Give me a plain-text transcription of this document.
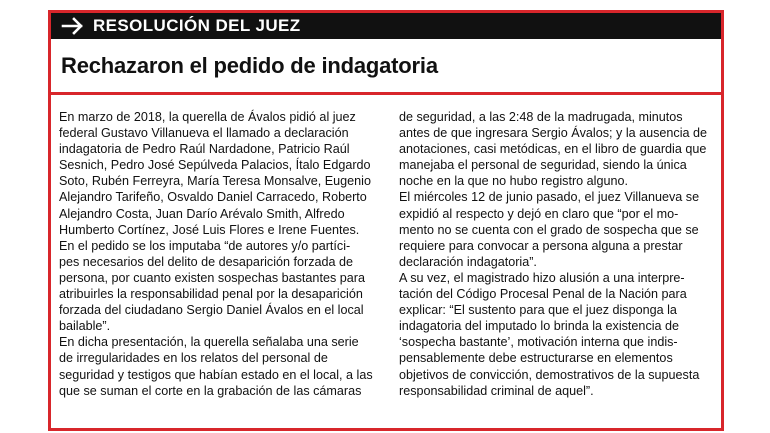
RESOLUCIÓN DEL JUEZ
Rechazaron el pedido de indagatoria

En marzo de 2018, la querella de Ávalos pidió al juez

federal Gustavo Villanueva el llamado a declaración

indagatoria de Pedro Raúl Nardadone, Patricio Raúl

Sesnich, Pedro José Sepúlveda Palacios, Ítalo Edgardo

Soto, Rubén Ferreyra, María Teresa Monsalve, Eugenio

Alejandro Tarifeño, Osvaldo Daniel Carracedo, Roberto

Alejandro Costa, Juan Darío Arévalo Smith, Alfredo

Humberto Cortínez, José Luis Flores e Irene Fuentes.

En el pedido se los imputaba “de autores y/o partíci-

pes necesarios del delito de desaparición forzada de

persona, por cuanto existen sospechas bastantes para

atribuirles la responsabilidad penal por la desaparición

forzada del ciudadano Sergio Daniel Ávalos en el local

bailable”.

En dicha presentación, la querella señalaba una serie

de irregularidades en los relatos del personal de

seguridad y testigos que habían estado en el local, a las

que se suman el corte en la grabación de las cámaras

de seguridad, a las 2:48 de la madrugada, minutos

antes de que ingresara Sergio Ávalos; y la ausencia de

anotaciones, casi metódicas, en el libro de guardia que

manejaba el personal de seguridad, siendo la única

noche en la que no hubo registro alguno.

El miércoles 12 de junio pasado, el juez Villanueva se

expidió al respecto y dejó en claro que “por el mo-

mento no se cuenta con el grado de sospecha que se

requiere para convocar a persona alguna a prestar

declaración indagatoria”.

A su vez, el magistrado hizo alusión a una interpre-

tación del Código Procesal Penal de la Nación para

explicar: “El sustento para que el juez disponga la

indagatoria del imputado lo brinda la existencia de

‘sospecha bastante’, motivación interna que indis-

pensablemente debe estructurarse en elementos

objetivos de convicción, demostrativos de la supuesta

responsabilidad criminal de aquel”.
